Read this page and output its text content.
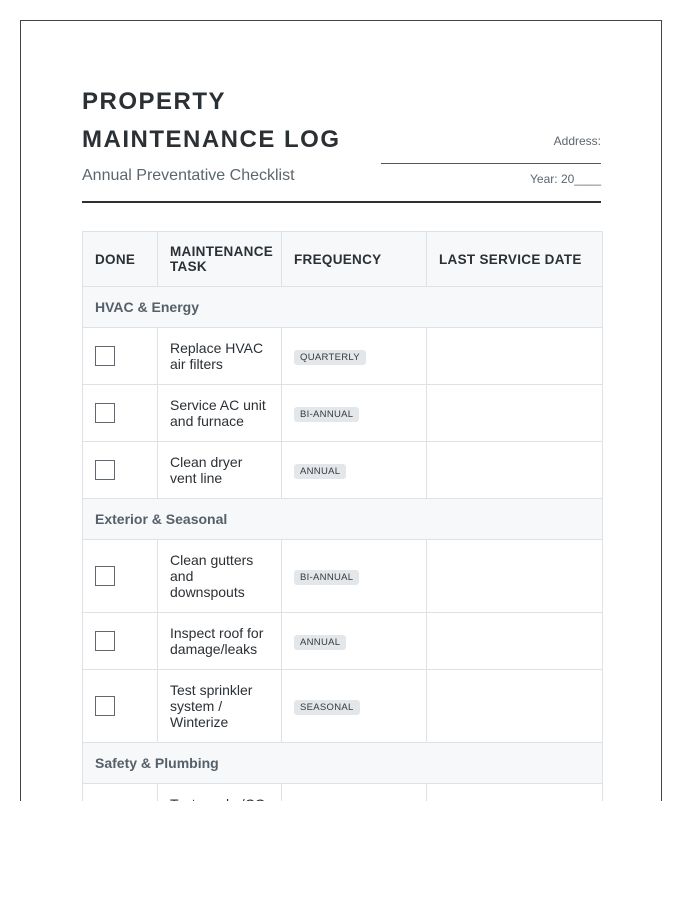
PROPERTY MAINTENANCE LOG
Annual Preventative Checklist
Address:
Year: 20____
DONE	MAINTENANCE TASK	FREQUENCY	LAST SERVICE DATE
HVAC & Energy			

	Replace HVAC air filters	QUARTERLY	

	Service AC unit and furnace	BI-ANNUAL	

	Clean dryer vent line	ANNUAL	
Exterior & Seasonal			

	Clean gutters and downspouts	BI-ANNUAL	

	Inspect roof for damage/leaks	ANNUAL	

	Test sprinkler system / Winterize	SEASONAL	
Safety & Plumbing			
